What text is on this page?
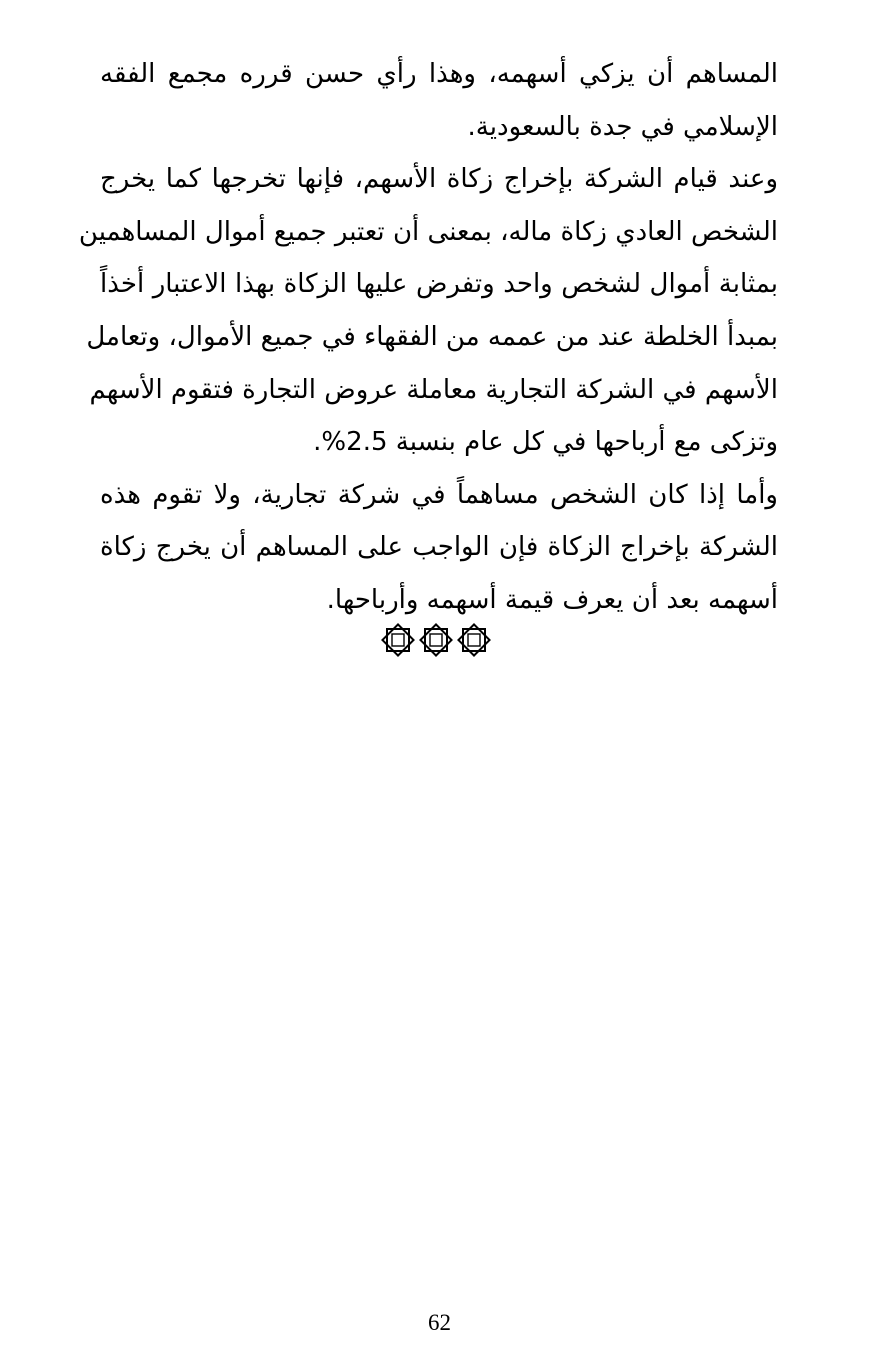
المساهم أن يزكي أسهمه، وهذا رأي حسن قرره مجمع الفقه
الإسلامي في جدة بالسعودية.
وعند قيام الشركة بإخراج زكاة الأسهم، فإنها تخرجها كما يخرج
الشخص العادي زكاة ماله، بمعنى أن تعتبر جميع أموال المساهمين
بمثابة أموال لشخص واحد وتفرض عليها الزكاة بهذا الاعتبار أخذاً
بمبدأ الخلطة عند من عممه من الفقهاء في جميع الأموال، وتعامل
الأسهم في الشركة التجارية معاملة عروض التجارة فتقوم الأسهم
وتزكى مع أرباحها في كل عام بنسبة 2.5%.
وأما إذا كان الشخص مساهماً في شركة تجارية، ولا تقوم هذه
الشركة بإخراج الزكاة فإن الواجب على المساهم أن يخرج زكاة
أسهمه بعد أن يعرف قيمة أسهمه وأرباحها.
62
